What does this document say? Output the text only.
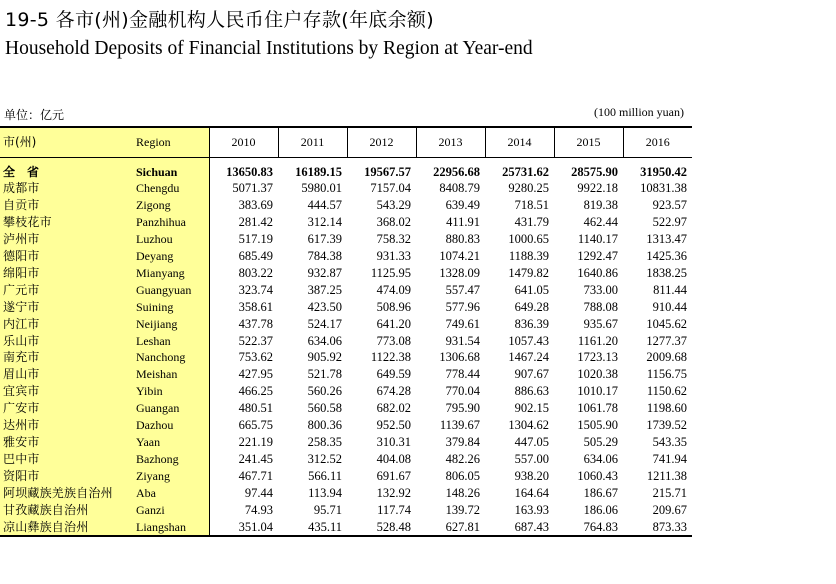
19-5 各市(州)金融机构人民币住户存款(年底余额)
Household Deposits of Financial Institutions by Region at Year-end
单位：亿元	(100 million yuan)
市(州)	Region	2010	2011	2012	2013	2014	2015	2016
全　省	Sichuan	13650.83	16189.15	19567.57	22956.68	25731.62	28575.90	31950.42
成都市	Chengdu	5071.37	5980.01	7157.04	8408.79	9280.25	9922.18	10831.38
自贡市	Zigong	383.69	444.57	543.29	639.49	718.51	819.38	923.57
攀枝花市	Panzhihua	281.42	312.14	368.02	411.91	431.79	462.44	522.97
泸州市	Luzhou	517.19	617.39	758.32	880.83	1000.65	1140.17	1313.47
德阳市	Deyang	685.49	784.38	931.33	1074.21	1188.39	1292.47	1425.36
绵阳市	Mianyang	803.22	932.87	1125.95	1328.09	1479.82	1640.86	1838.25
广元市	Guangyuan	323.74	387.25	474.09	557.47	641.05	733.00	811.44
遂宁市	Suining	358.61	423.50	508.96	577.96	649.28	788.08	910.44
内江市	Neijiang	437.78	524.17	641.20	749.61	836.39	935.67	1045.62
乐山市	Leshan	522.37	634.06	773.08	931.54	1057.43	1161.20	1277.37
南充市	Nanchong	753.62	905.92	1122.38	1306.68	1467.24	1723.13	2009.68
眉山市	Meishan	427.95	521.78	649.59	778.44	907.67	1020.38	1156.75
宜宾市	Yibin	466.25	560.26	674.28	770.04	886.63	1010.17	1150.62
广安市	Guangan	480.51	560.58	682.02	795.90	902.15	1061.78	1198.60
达州市	Dazhou	665.75	800.36	952.50	1139.67	1304.62	1505.90	1739.52
雅安市	Yaan	221.19	258.35	310.31	379.84	447.05	505.29	543.35
巴中市	Bazhong	241.45	312.52	404.08	482.26	557.00	634.06	741.94
资阳市	Ziyang	467.71	566.11	691.67	806.05	938.20	1060.43	1211.38
阿坝藏族羌族自治州	Aba	97.44	113.94	132.92	148.26	164.64	186.67	215.71
甘孜藏族自治州	Ganzi	74.93	95.71	117.74	139.72	163.93	186.06	209.67
凉山彝族自治州	Liangshan	351.04	435.11	528.48	627.81	687.43	764.83	873.33
